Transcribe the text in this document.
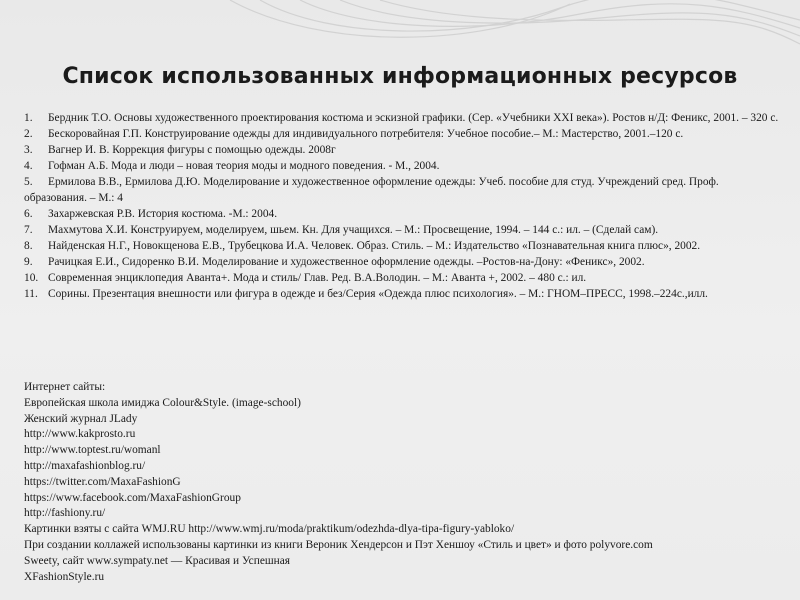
Список использованных информационных ресурсов

1. Бердник Т.О. Основы художественного проектирования костюма и эскизной графики. (Сер. «Учебники XXI века»). Ростов н/Д: Феникс, 2001. – 320 с.

2. Бескоровайная Г.П. Конструирование одежды для индивидуального потребителя: Учебное пособие.– М.: Мастерство, 2001.–120 с.

3. Вагнер И. В. Коррекция фигуры с помощью одежды. 2008г

4. Гофман А.Б. Мода и люди – новая теория моды и модного поведения. - М., 2004.

5. Ермилова В.В., Ермилова Д.Ю. Моделирование и художественное оформление одежды: Учеб. пособие для студ. Учреждений сред. Проф. образования. – М.: 4

6. Захаржевская Р.В. История костюма. -М.: 2004.

7. Махмутова Х.И. Конструируем, моделируем, шьем. Кн. Для учащихся. – М.: Просвещение, 1994. – 144 с.: ил. – (Сделай сам).

8. Найденская Н.Г., Новокщенова Е.В., Трубецкова И.А. Человек. Образ. Стиль. – М.: Издательство «Познавательная книга плюс», 2002.

9. Рачицкая Е.И., Сидоренко В.И. Моделирование и художественное оформление одежды. –Ростов-на-Дону: «Феникс», 2002.

10. Современная энциклопедия Аванта+. Мода и стиль/ Глав. Ред. В.А.Володин. – М.: Аванта +, 2002. – 480 с.: ил.

11. Сорины. Презентация внешности или фигура в одежде и без/Серия «Одежда плюс психология». – М.: ГНОМ–ПРЕСС, 1998.–224с.,илл.

Интернет сайты:
Европейская школа имиджа Colour&Style. (image-school)
Женский журнал JLady
http://www.kakprosto.ru
http://www.toptest.ru/womanl
http://maxafashionblog.ru/
https://twitter.com/MaxaFashionG
https://www.facebook.com/MaxaFashionGroup
http://fashiony.ru/
Картинки взяты с сайта WMJ.RU http://www.wmj.ru/moda/praktikum/odezhda-dlya-tipa-figury-yabloko/
При создании коллажей использованы картинки из книги Вероник Хендерсон и Пэт Хеншоу «Стиль и цвет» и фото polyvore.com
Sweety, сайт www.sympaty.net — Красивая и Успешная
XFashionStyle.ru
